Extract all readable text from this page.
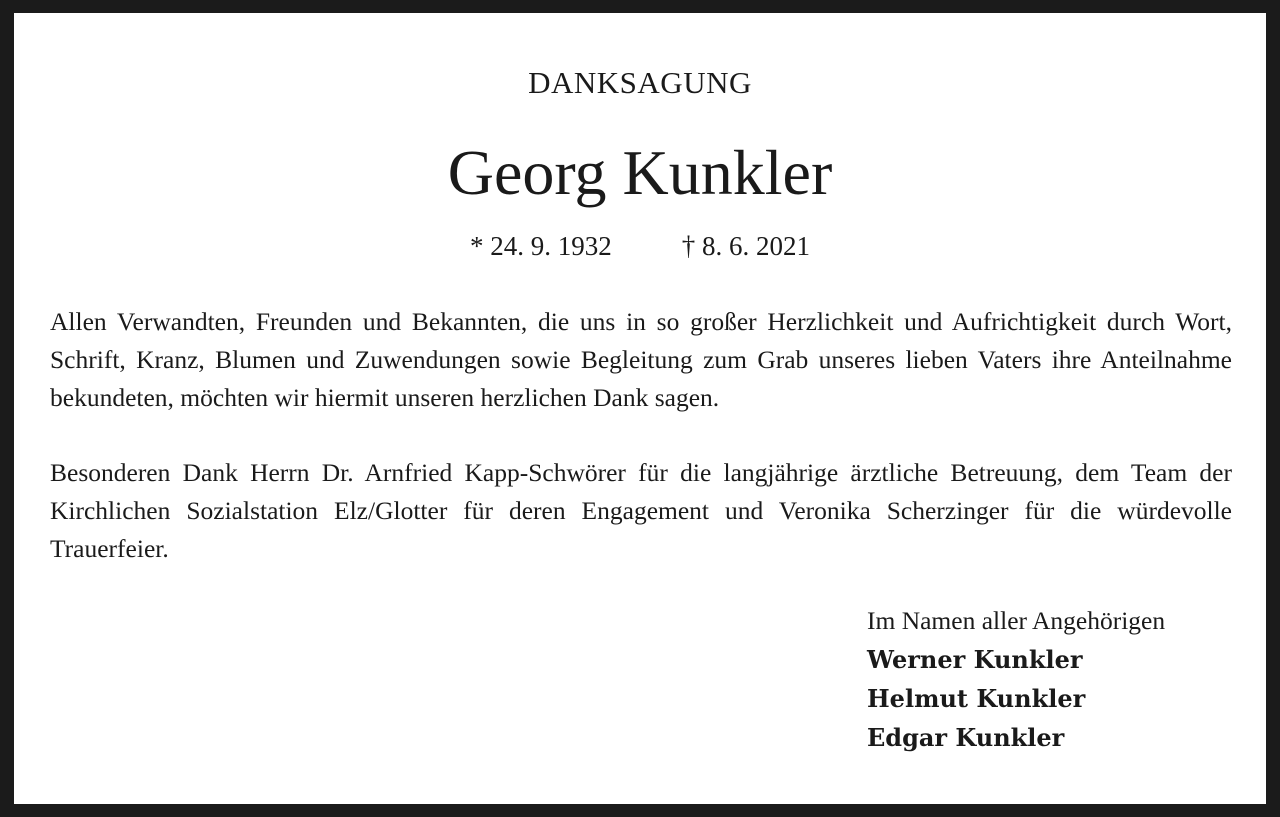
DANKSAGUNG
Georg Kunkler
* 24. 9. 1932	† 8. 6. 2021
Allen Verwandten, Freunden und Bekannten, die uns in so großer Herzlichkeit und Aufrichtigkeit durch Wort, Schrift, Kranz, Blumen und Zuwendungen sowie Begleitung zum Grab unseres lieben Vaters ihre Anteilnahme bekundeten, möchten wir hiermit unseren herzlichen Dank sagen.
Besonderen Dank Herrn Dr. Arnfried Kapp-Schwörer für die langjährige ärztliche Betreuung, dem Team der Kirchlichen Sozialstation Elz/Glotter für deren Engagement und Veronika Scherzinger für die würdevolle Trauerfeier.
Im Namen aller Angehörigen
Werner Kunkler
Helmut Kunkler
Edgar Kunkler
